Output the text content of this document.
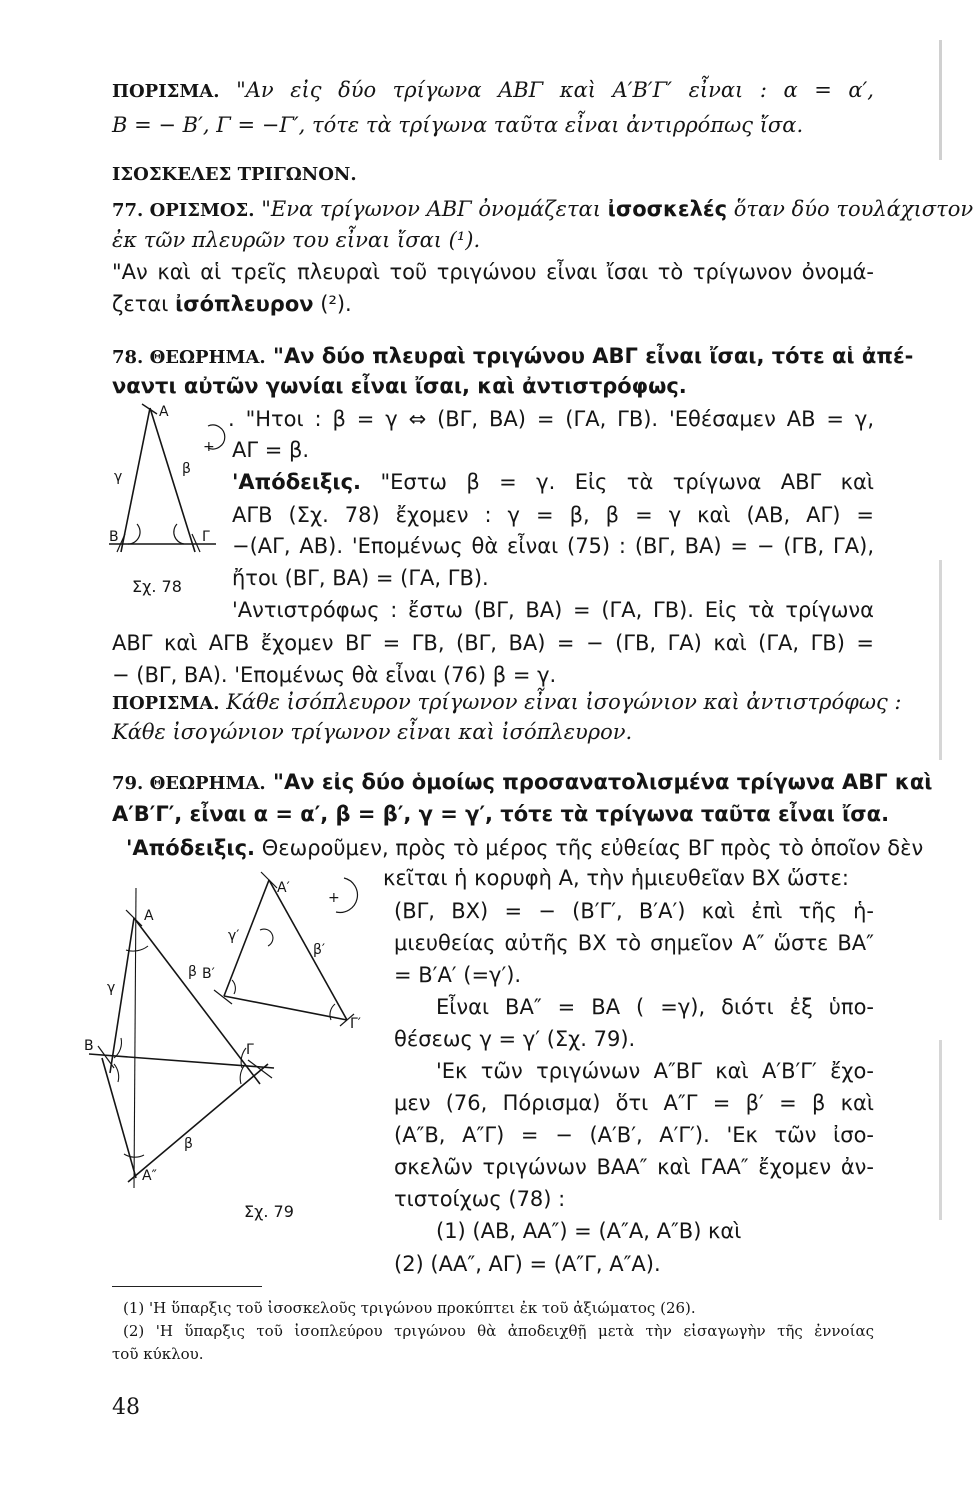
ΠΟΡΙΣΜΑ. "Αν εἰς δύο τρίγωνα ΑΒΓ καὶ Α′Β′Γ′ εἶναι : α = α′,
Β = − Β′, Γ = −Γ′, τότε τὰ τρίγωνα ταῦτα εἶναι ἀντιρρόπως ἴσα.
ΙΣΟΣΚΕΛΕΣ ΤΡΙΓΩΝΟΝ.
77. ΟΡΙΣΜΟΣ. "Ενα τρίγωνον ΑΒΓ ὀνομάζεται ἰσοσκελές ὅταν δύο τουλάχιστον
ἐκ τῶν πλευρῶν του εἶναι ἴσαι (¹).
"Αν καὶ αἱ τρεῖς πλευραὶ τοῦ τριγώνου εἶναι ἴσαι τὸ τρίγωνον ὀνομά-
ζεται ἰσόπλευρον (²).
78. ΘΕΩΡΗΜΑ. "Αν δύο πλευραὶ τριγώνου ΑΒΓ εἶναι ἴσαι, τότε αἱ ἀπέ-
ναντι αὐτῶν γωνίαι εἶναι ἴσαι, καὶ ἀντιστρόφως.
. "Ητοι : β = γ ⇔ (ΒΓ, ΒΑ) = (ΓΑ, ΓΒ). 'Εθέσαμεν ΑΒ = γ,
ΑΓ = β.
'Απόδειξις. "Εστω β = γ. Εἰς τὰ τρίγωνα ΑΒΓ καὶ
ΑΓΒ (Σχ. 78) ἔχομεν : γ = β, β = γ καὶ (ΑΒ, ΑΓ) =
−(ΑΓ, ΑΒ). 'Επομένως θὰ εἶναι (75) : (ΒΓ, ΒΑ) = − (ΓΒ, ΓΑ),
ἤτοι (ΒΓ, ΒΑ) = (ΓΑ, ΓΒ).
'Αντιστρόφως : ἔστω (ΒΓ, ΒΑ) = (ΓΑ, ΓΒ). Εἰς τὰ τρίγωνα
ΑΒΓ καὶ ΑΓΒ ἔχομεν ΒΓ = ΓΒ, (ΒΓ, ΒΑ) = − (ΓΒ, ΓΑ) καὶ (ΓΑ, ΓΒ) =
− (ΒΓ, ΒΑ). 'Επομένως θὰ εἶναι (76) β = γ.
Α
Β	Γ
γ	β
+
Σχ. 78
ΠΟΡΙΣΜΑ. Κάθε ἰσόπλευρον τρίγωνον εἶναι ἰσογώνιον καὶ ἀντιστρόφως :
Κάθε ἰσογώνιον τρίγωνον εἶναι καὶ ἰσόπλευρον.
79. ΘΕΩΡΗΜΑ. "Αν εἰς δύο ὁμοίως προσανατολισμένα τρίγωνα ΑΒΓ καὶ
Α′Β′Γ′, εἶναι α = α′, β = β′, γ = γ′, τότε τὰ τρίγωνα ταῦτα εἶναι ἴσα.
'Απόδειξις. Θεωροῦμεν, πρὸς τὸ μέρος τῆς εὐθείας ΒΓ πρὸς τὸ ὁποῖον δὲν
κεῖται ἡ κορυφὴ Α, τὴν ἡμιευθεῖαν ΒΧ ὥστε:
(ΒΓ, ΒΧ) = − (Β′Γ′, Β′Α′) καὶ ἐπὶ τῆς ἡ-
μιευθείας αὐτῆς ΒΧ τὸ σημεῖον Α″ ὥστε ΒΑ″
= Β′Α′ (=γ′).
Εἶναι ΒΑ″ = ΒΑ ( =γ), διότι ἐξ ὑπο-
θέσεως γ = γ′ (Σχ. 79).
'Εκ τῶν τριγώνων Α″ΒΓ καὶ Α′Β′Γ′ ἔχο-
μεν (76, Πόρισμα) ὅτι Α″Γ = β′ = β καὶ
(Α″Β, Α″Γ) = − (Α′Β′, Α′Γ′). 'Εκ τῶν ἰσο-
σκελῶν τριγώνων ΒΑΑ″ καὶ ΓΑΑ″ ἔχομεν ἀν-
τιστοίχως (78) :
(1) (ΑΒ, ΑΑ″) = (Α″Α, Α″Β) καὶ
(2) (ΑΑ″, ΑΓ) = (Α″Γ, Α″Α).
Α
Β	Γ
Α″
γ
β
β
Α′
Β′
Γ′
γ′
β′
+
Σχ. 79
(1) 'Η ὕπαρξις τοῦ ἰσοσκελοῦς τριγώνου προκύπτει ἐκ τοῦ ἀξιώματος (26).
(2) 'Η ὕπαρξις τοῦ ἰσοπλεύρου τριγώνου θὰ ἀποδειχθῇ μετὰ τὴν εἰσαγωγὴν τῆς ἐννοίας
τοῦ κύκλου.
48
